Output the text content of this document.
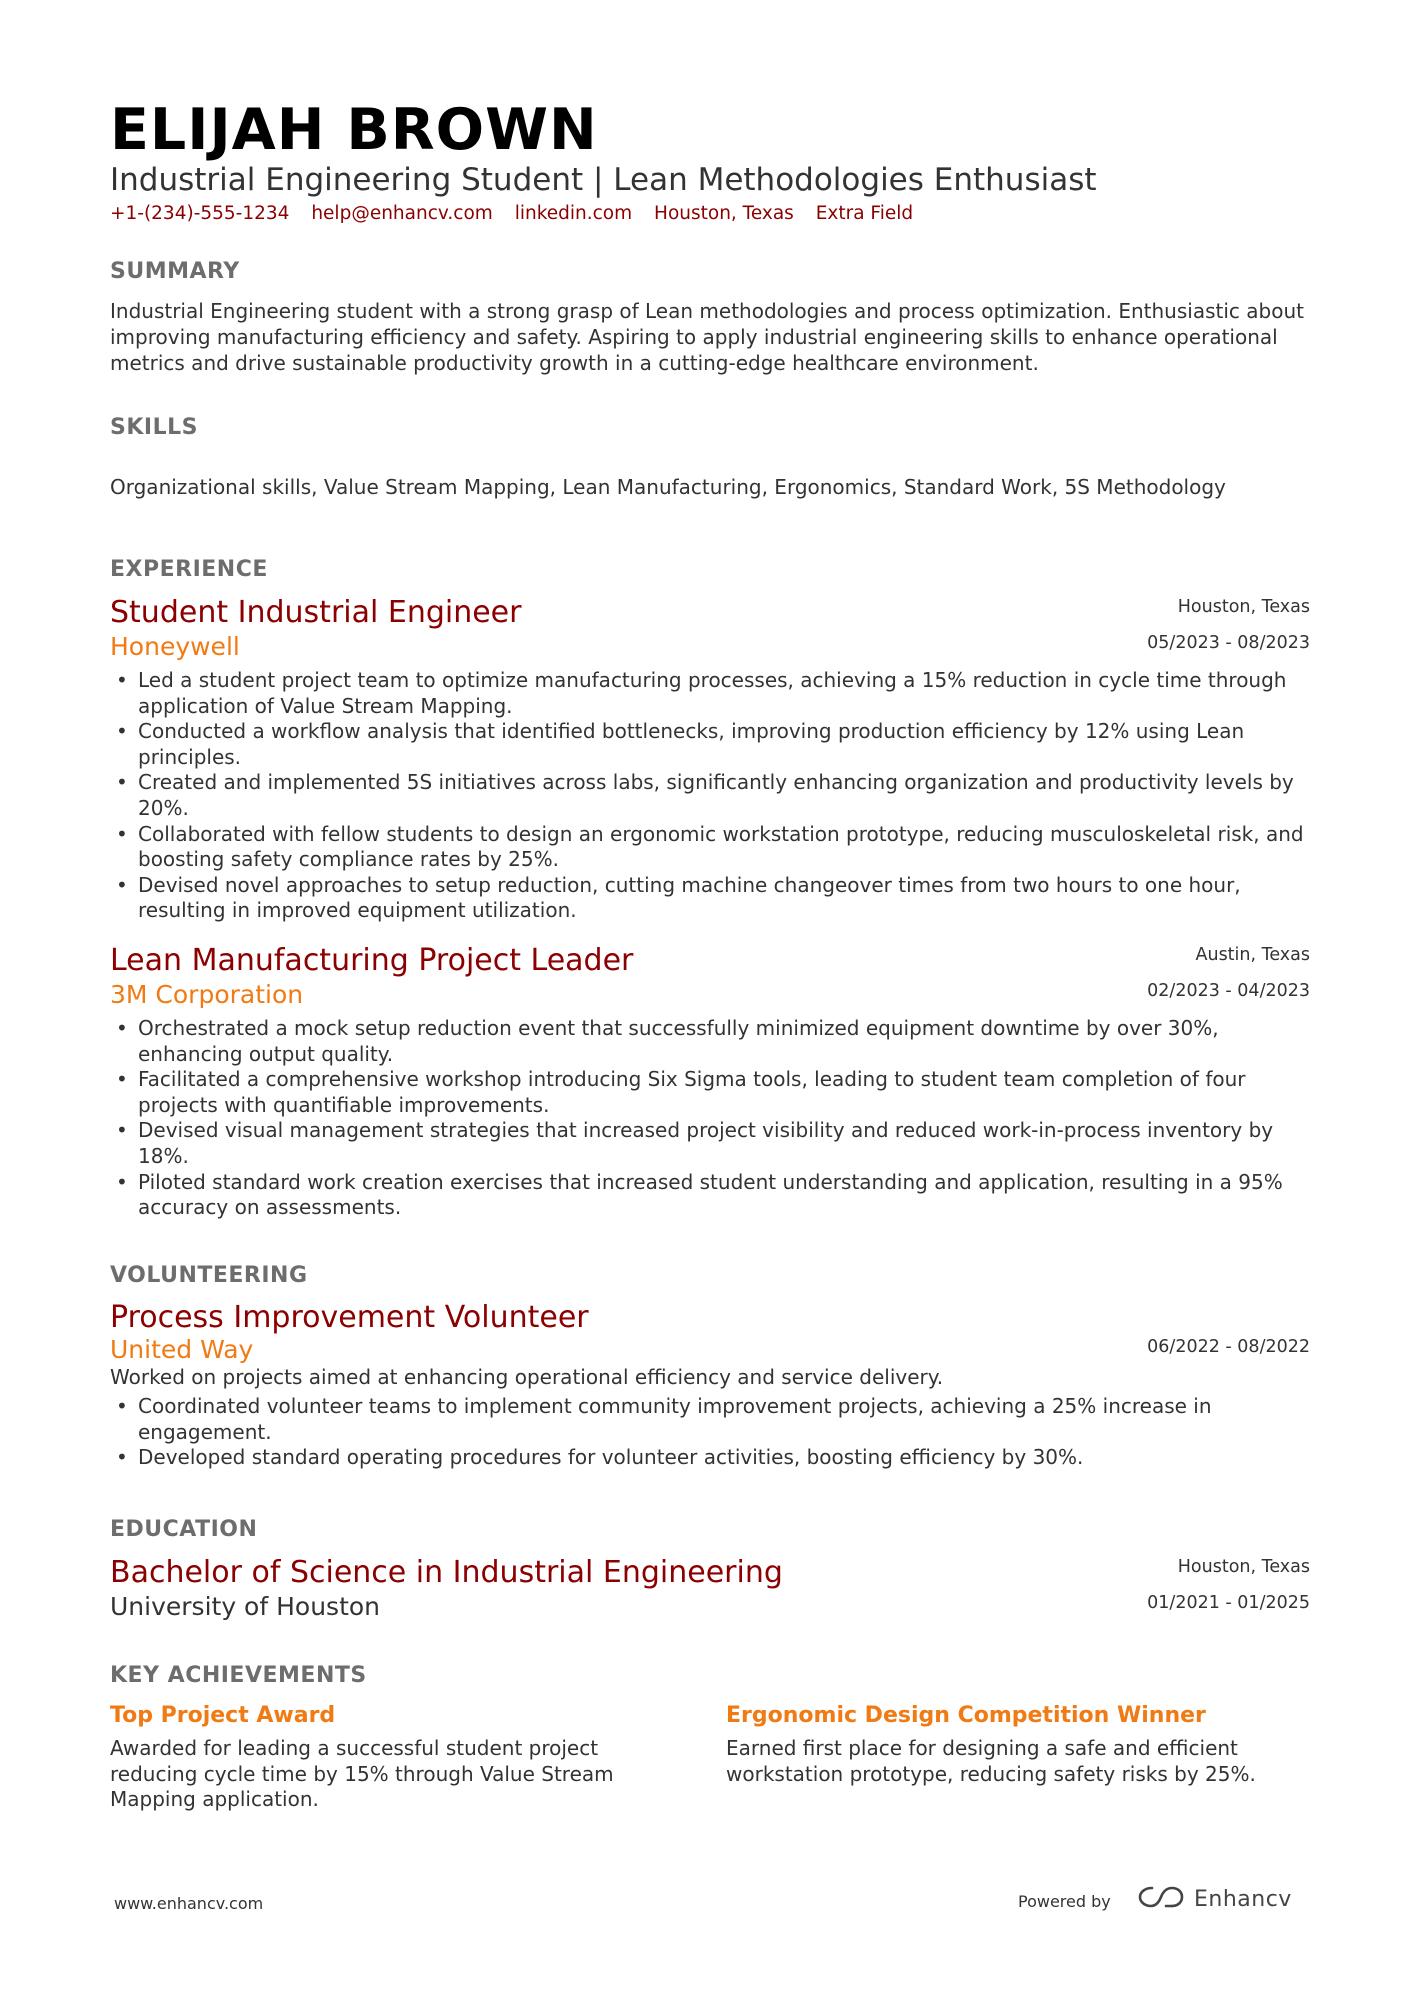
ELIJAH BROWN
Industrial Engineering Student | Lean Methodologies Enthusiast
+1-(234)-555-1234 help@enhancv.com linkedin.com Houston, Texas Extra Field
SUMMARY
Industrial Engineering student with a strong grasp of Lean methodologies and process optimization. Enthusiastic about improving manufacturing efficiency and safety. Aspiring to apply industrial engineering skills to enhance operational metrics and drive sustainable productivity growth in a cutting-edge healthcare environment.
SKILLS
Organizational skills, Value Stream Mapping, Lean Manufacturing, Ergonomics, Standard Work, 5S Methodology
EXPERIENCE
Student Industrial Engineer	Houston, Texas
Honeywell	05/2023 - 08/2023
• Led a student project team to optimize manufacturing processes, achieving a 15% reduction in cycle time through application of Value Stream Mapping.
• Conducted a workflow analysis that identified bottlenecks, improving production efficiency by 12% using Lean principles.
• Created and implemented 5S initiatives across labs, significantly enhancing organization and productivity levels by 20%.
• Collaborated with fellow students to design an ergonomic workstation prototype, reducing musculoskeletal risk, and boosting safety compliance rates by 25%.
• Devised novel approaches to setup reduction, cutting machine changeover times from two hours to one hour, resulting in improved equipment utilization.
Lean Manufacturing Project Leader	Austin, Texas
3M Corporation	02/2023 - 04/2023
• Orchestrated a mock setup reduction event that successfully minimized equipment downtime by over 30%, enhancing output quality.
• Facilitated a comprehensive workshop introducing Six Sigma tools, leading to student team completion of four projects with quantifiable improvements.
• Devised visual management strategies that increased project visibility and reduced work-in-process inventory by 18%.
• Piloted standard work creation exercises that increased student understanding and application, resulting in a 95% accuracy on assessments.
VOLUNTEERING
Process Improvement Volunteer
United Way	06/2022 - 08/2022
Worked on projects aimed at enhancing operational efficiency and service delivery.
• Coordinated volunteer teams to implement community improvement projects, achieving a 25% increase in engagement.
• Developed standard operating procedures for volunteer activities, boosting efficiency by 30%.
EDUCATION
Bachelor of Science in Industrial Engineering	Houston, Texas
University of Houston	01/2021 - 01/2025
KEY ACHIEVEMENTS
Top Project Award
Awarded for leading a successful student project reducing cycle time by 15% through Value Stream Mapping application.
Ergonomic Design Competition Winner
Earned first place for designing a safe and efficient workstation prototype, reducing safety risks by 25%.
www.enhancv.com	Powered by	Enhancv
